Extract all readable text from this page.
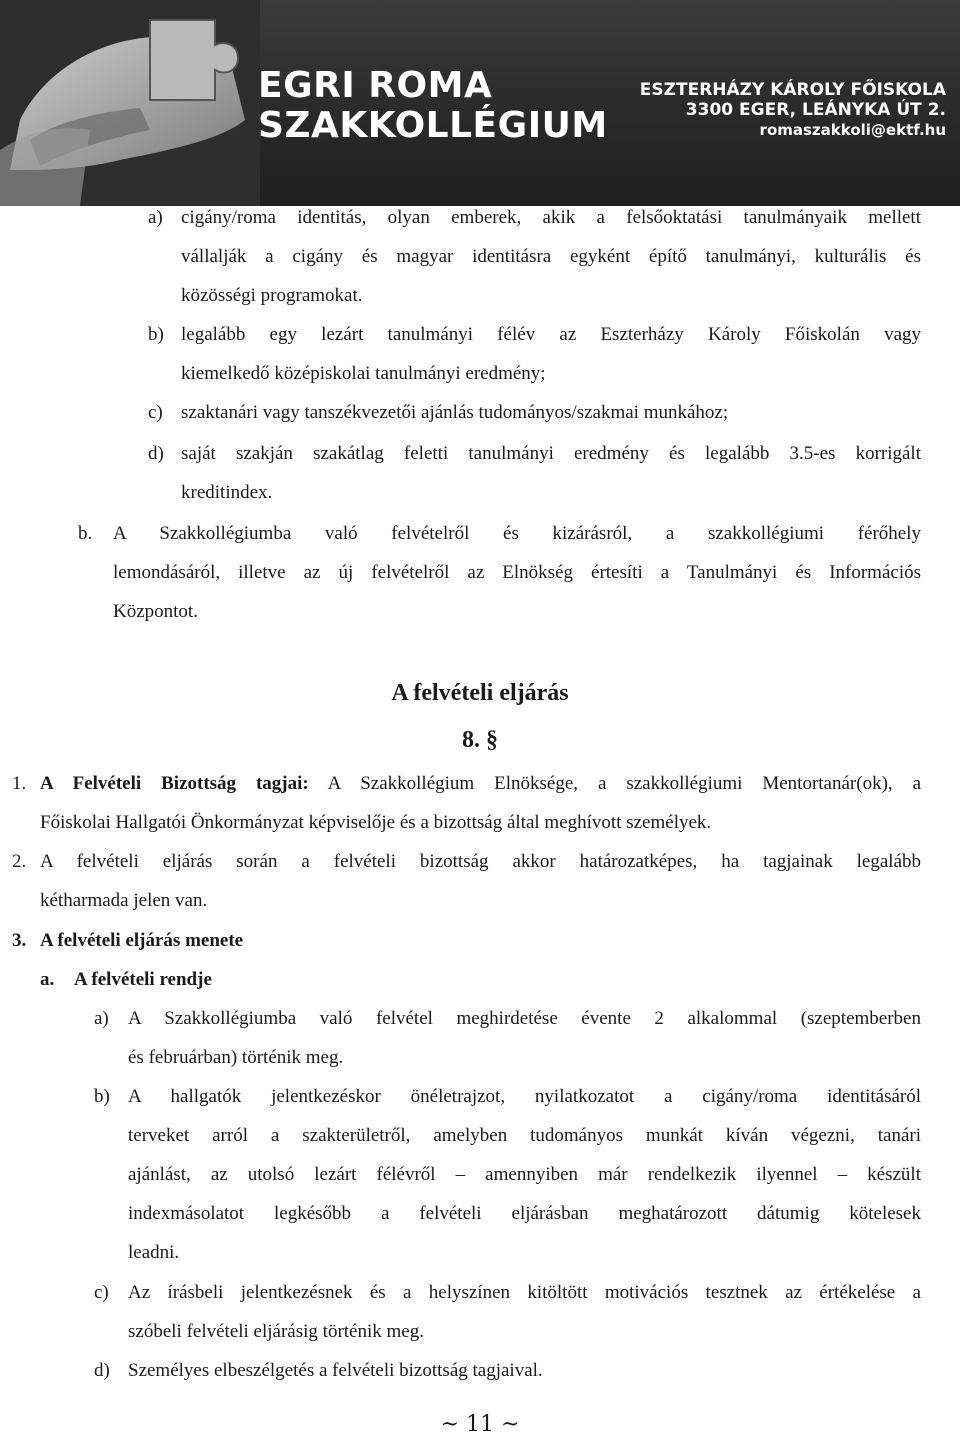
EGRI ROMA
SZAKKOLLÉGIUM
ESZTERHÁZY KÁROLY FŐISKOLA
3300 EGER, LEÁNYKA ÚT 2.
romaszakkoli@ektf.hu
a) cigány/roma identitás, olyan emberek, akik a felsőoktatási tanulmányaik mellett
vállalják a cigány és magyar identitásra egyként építő tanulmányi, kulturális és
közösségi programokat.
b) legalább egy lezárt tanulmányi félév az Eszterházy Károly Főiskolán vagy
kiemelkedő középiskolai tanulmányi eredmény;
c) szaktanári vagy tanszékvezetői ajánlás tudományos/szakmai munkához;
d) saját szakján szakátlag feletti tanulmányi eredmény és legalább 3.5-es korrigált
kreditindex.
b. A Szakkollégiumba való felvételről és kizárásról, a szakkollégiumi férőhely
lemondásáról, illetve az új felvételről az Elnökség értesíti a Tanulmányi és Információs
Központot.
A felvételi eljárás
8. §
1. A Felvételi Bizottság tagjai: A Szakkollégium Elnöksége, a szakkollégiumi Mentortanár(ok), a
Főiskolai Hallgatói Önkormányzat képviselője és a bizottság által meghívott személyek.
2. A felvételi eljárás során a felvételi bizottság akkor határozatképes, ha tagjainak legalább
kétharmada jelen van.
3. A felvételi eljárás menete
a. A felvételi rendje
a) A Szakkollégiumba való felvétel meghirdetése évente 2 alkalommal (szeptemberben
és februárban) történik meg.
b) A hallgatók jelentkezéskor önéletrajzot, nyilatkozatot a cigány/roma identitásáról
terveket arról a szakterületről, amelyben tudományos munkát kíván végezni, tanári
ajánlást, az utolsó lezárt félévről – amennyiben már rendelkezik ilyennel – készült
indexmásolatot legkésőbb a felvételi eljárásban meghatározott dátumig kötelesek
leadni.
c) Az írásbeli jelentkezésnek és a helyszínen kitöltött motivációs tesztnek az értékelése a
szóbeli felvételi eljárásig történik meg.
d) Személyes elbeszélgetés a felvételi bizottság tagjaival.
~ 11 ~
